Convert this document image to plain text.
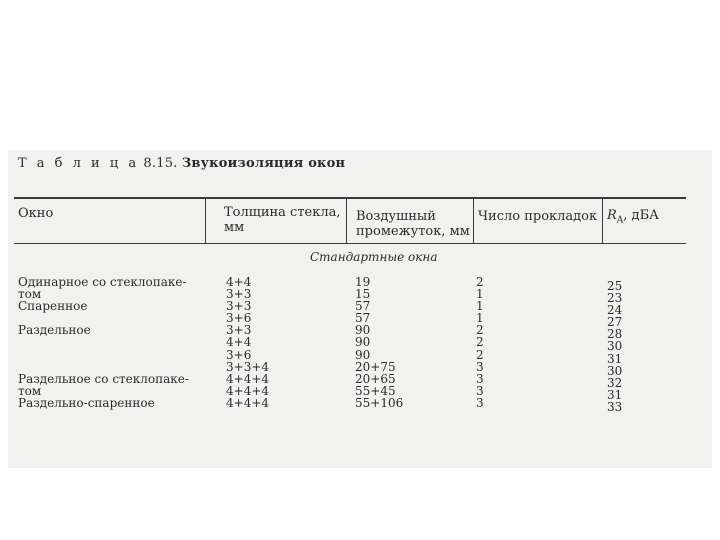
Т а б л и ц а 8.15. Звукоизоляция окон
Окно	Толщина стекла,
мм
Воздушный
промежуток, мм
Число прокладок $R_A$, дБА
Стандартные окна
Одинарное со стеклопаке-
том
Спаренное
Раздельное
Раздельное со стеклопаке-
том
Раздельно-спаренное
4+4
3+3
3+3
3+6
3+3
4+4
3+6
3+3+4
4+4+4
4+4+4
4+4+4
19
15
57
57
90
90
90
20+75
20+65
55+45
55+106
2
1
1
1
2
2
2
3
3
3
3
25
23
24
27
28
30
31
30
32
31
33
